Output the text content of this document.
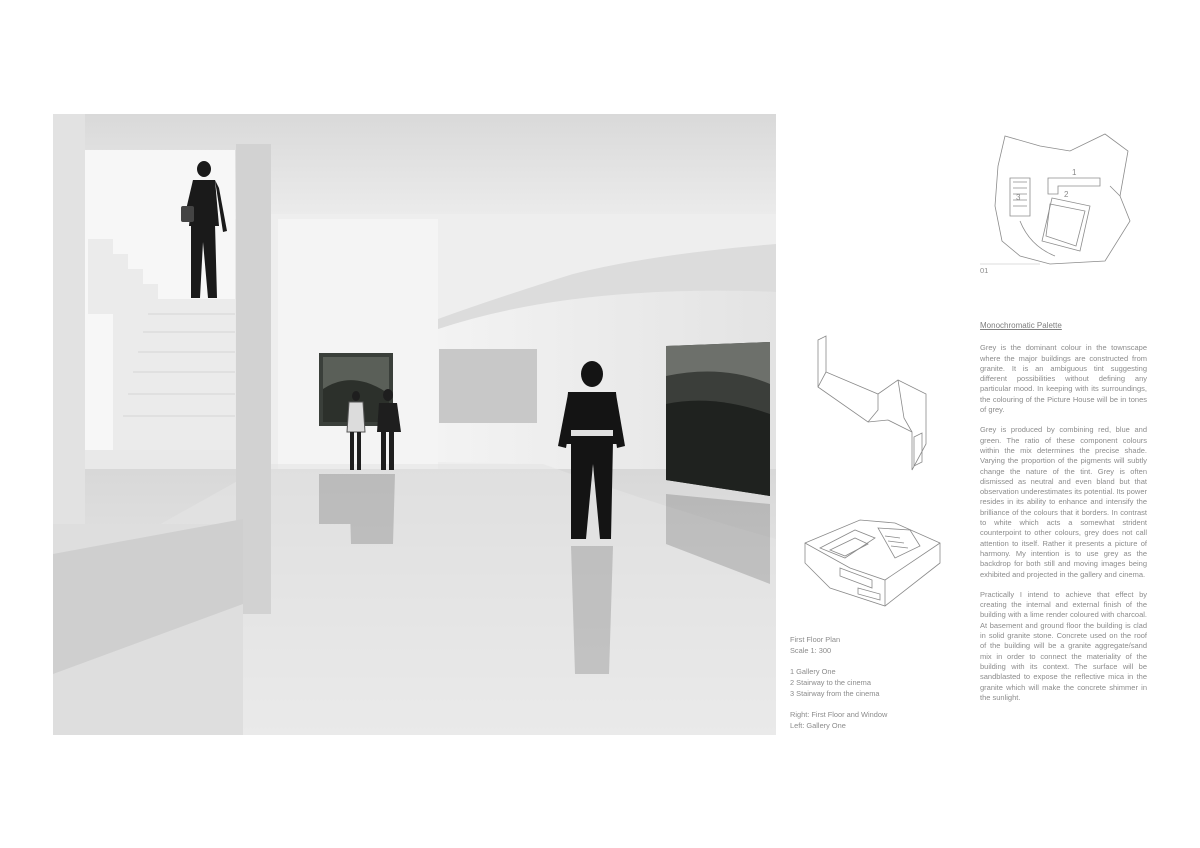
1
2
3
01

First Floor Plan

Scale 1: 300

1 Gallery One

2 Stairway to the cinema

3 Stairway from the cinema

Right: First Floor and Window

Left: Gallery One

Monochromatic Palette

Grey is the dominant colour in the townscape where the major buildings are constructed from granite. It is an ambiguous tint suggesting different possibilities without defining any particular mood. In keeping with its surroundings, the colouring of the Picture House will be in tones of grey.

Grey is produced by combining red, blue and green. The ratio of these component colours within the mix determines the precise shade. Varying the proportion of the pigments will subtly change the nature of the tint. Grey is often dismissed as neutral and even bland but that observation underestimates its potential. Its power resides in its ability to enhance and intensify the brilliance of the colours that it borders. In contrast to white which acts a somewhat strident counterpoint to other colours, grey does not call attention to itself. Rather it presents a picture of harmony. My intention is to use grey as the backdrop for both still and moving images being exhibited and projected in the gallery and cinema.

Practically I intend to achieve that effect by creating the internal and external finish of the building with a lime render coloured with charcoal. At basement and ground floor the building is clad in solid granite stone. Concrete used on the roof of the building will be a granite aggregate/sand mix in order to connect the materiality of the building with its context. The surface will be sandblasted to expose the reflective mica in the granite which will make the concrete shimmer in the sunlight.
